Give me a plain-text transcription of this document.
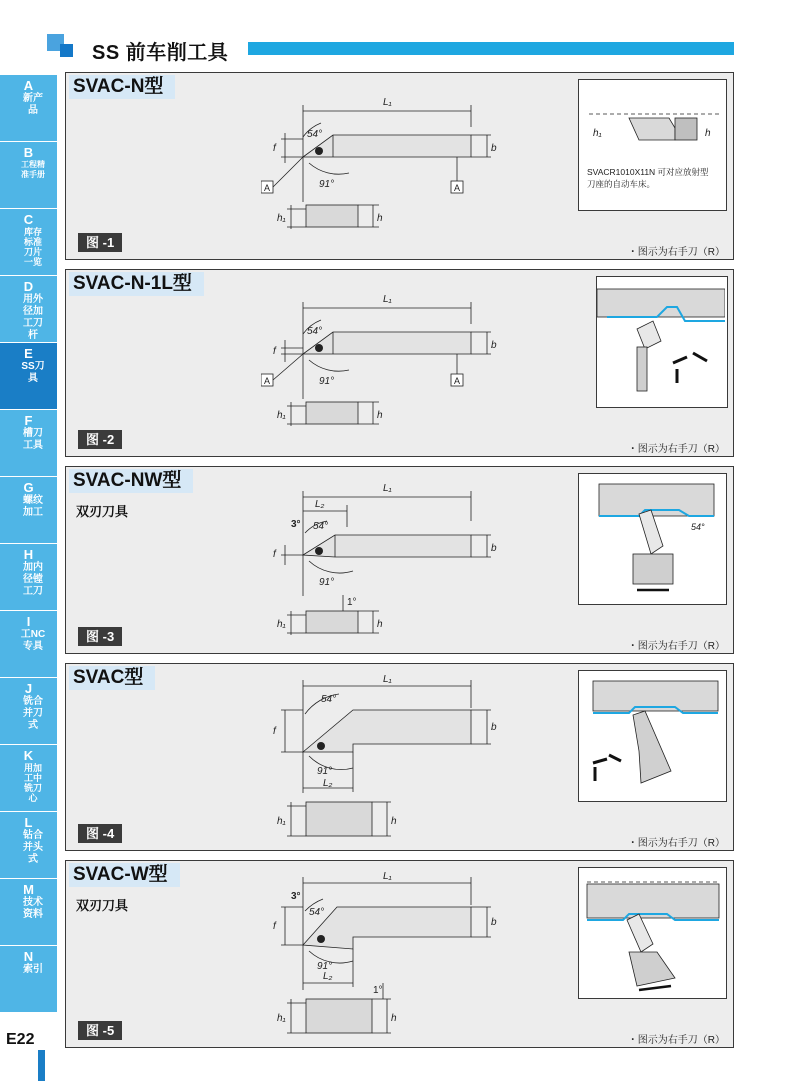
SS 前车削工具
A
新产品
B
工程精准手册
C
库存标准刀片一览
D
用外径加工刀杆
E
SS刀具
F
槽刀工具
G
螺纹加工
H
加内径镗工刀
I
工NC专具
J
铣合并刀式
K
用加工中铣刀心
L
钻合并头式
M
技术资料
N
索引
E22
SVAC-N型
L₁
54°
91°
b
f
h₁	h
A	A
h₁	h
SVACR1010X11N 可对应放射型刀座的自动车床。
图 -1
・图示为右手刀（R）
SVAC-N-1L型
L₁
54°
91°
b
f
h₁	h
A	A
图 -2
・图示为右手刀（R）
SVAC-NW型
双刃刀具
L₁
L₂
3° 54°
91°
1°
b
f
h₁	h
54°
图 -3
・图示为右手刀（R）
SVAC型	L₁
L₂
54°
91°
b
f
h₁	h
图 -4
・图示为右手刀（R）
SVAC-W型
双刃刀具
L₁
L₂
3°
54°
91°
1°
b
f
h₁	h
图 -5
・图示为右手刀（R）
